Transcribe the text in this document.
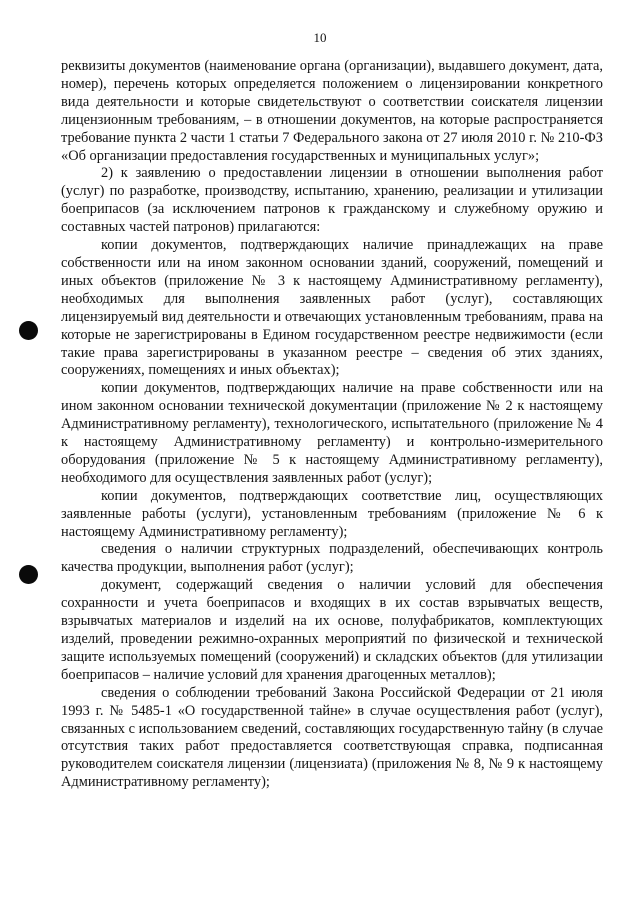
10

реквизиты документов (наименование органа (организации), выдавшего документ, дата, номер), перечень которых определяется положением о лицензировании конкретного вида деятельности и которые свидетельствуют о соответствии соискателя лицензии лицензионным требованиям, – в отношении документов, на которые распространяется требование пункта 2 части 1 статьи 7 Федерального закона от 27 июля 2010 г. № 210-ФЗ «Об организации предоставления государственных и муниципальных услуг»;

2) к заявлению о предоставлении лицензии в отношении выполнения работ (услуг) по разработке, производству, испытанию, хранению, реализации и утилизации боеприпасов (за исключением патронов к гражданскому и служебному оружию и составных частей патронов) прилагаются:

копии документов, подтверждающих наличие принадлежащих на праве собственности или на ином законном основании зданий, сооружений, помещений и иных объектов (приложение № 3 к настоящему Административному регламенту), необходимых для выполнения заявленных работ (услуг), составляющих лицензируемый вид деятельности и отвечающих установленным требованиям, права на которые не зарегистрированы в Едином государственном реестре недвижимости (если такие права зарегистрированы в указанном реестре – сведения об этих зданиях, сооружениях, помещениях и иных объектах);

копии документов, подтверждающих наличие на праве собственности или на ином законном основании технической документации (приложение № 2 к настоящему Административному регламенту), технологического, испытательного (приложение № 4 к настоящему Административному регламенту) и контрольно-измерительного оборудования (приложение № 5 к настоящему Административному регламенту), необходимого для осуществления заявленных работ (услуг);

копии документов, подтверждающих соответствие лиц, осуществляющих заявленные работы (услуги), установленным требованиям (приложение № 6 к настоящему Административному регламенту);

сведения о наличии структурных подразделений, обеспечивающих контроль качества продукции, выполнения работ (услуг);

документ, содержащий сведения о наличии условий для обеспечения сохранности и учета боеприпасов и входящих в их состав взрывчатых веществ, взрывчатых материалов и изделий на их основе, полуфабрикатов, комплектующих изделий, проведении режимно-охранных мероприятий по физической и технической защите используемых помещений (сооружений) и складских объектов (для утилизации боеприпасов – наличие условий для хранения драгоценных металлов);

сведения о соблюдении требований Закона Российской Федерации от 21 июля 1993 г. № 5485-1 «О государственной тайне» в случае осуществления работ (услуг), связанных с использованием сведений, составляющих государственную тайну (в случае отсутствия таких работ предоставляется соответствующая справка, подписанная руководителем соискателя лицензии (лицензиата) (приложения № 8, № 9 к настоящему Административному регламенту);
